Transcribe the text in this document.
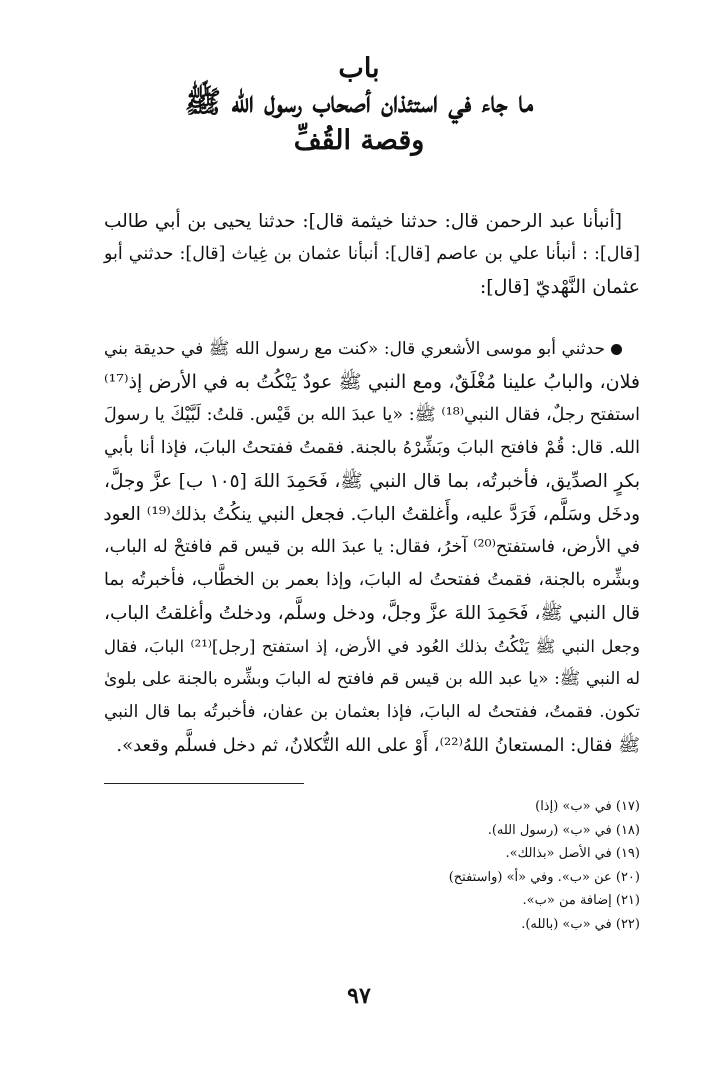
باب
ما جاء في استئذان أصحاب رسول الله ﷺ
وقصة القُفِّ
[أنبأنا عبد الرحمن قال: حدثنا خيثمة قال]: حدثنا يحيى بن أبي طالب
[قال]: : أنبأنا علي بن عاصم [قال]: أنبأنا عثمان بن غِياث [قال]: حدثني أبو
عثمان النَّهْديّ [قال]:
حدثني أبو موسى الأشعري قال: «كنت مع رسول الله ﷺ في حديقة بني
فلان، والبابُ علينا مُغْلَقٌ، ومع النبي ﷺ عودٌ يَنْكُتُ به في الأرض إذ⁽¹⁷⁾
استفتح رجلٌ، فقال النبي⁽¹⁸⁾ ﷺ: «يا عبدَ الله بن قَيْس. قلتُ: لَبَّيْكَ يا رسولَ
الله. قال: قُمْ فافتح البابَ وبَشِّرْهُ بالجنة. فقمتُ ففتحتُ البابَ، فإذا أنا بأبي
بكرٍ الصدِّيق، فأخبرتُه، بما قال النبي ﷺ، فَحَمِدَ اللهَ [١٠٥ ب] عزَّ وجلَّ،
ودخَل وسَلَّم، فَرَدَّ عليه، وأَغلقتُ البابَ. فجعل النبي ينكُتُ بذلك⁽¹⁹⁾ العود
في الأرض، فاستفتح⁽²⁰⁾ آخرُ، فقال: يا عبدَ الله بن قيس قم فافتحْ له الباب،
وبشِّره بالجنة، فقمتُ ففتحتُ له البابَ، وإذا بعمر بن الخطَّاب، فأخبرتُه بما
قال النبي ﷺ، فَحَمِدَ اللهَ عزَّ وجلَّ، ودخل وسلَّم، ودخلتُ وأغلقتُ الباب،
وجعل النبي ﷺ يَنْكُتُ بذلك العُود في الأرض، إذ استفتح [رجل]⁽²¹⁾ البابَ، فقال
له النبي ﷺ: «يا عبد الله بن قيس قم فافتح له البابَ وبشِّره بالجنة على بلوىٰ
تكون. فقمتُ، ففتحتُ له البابَ، فإذا بعثمان بن عفان، فأخبرتُه بما قال النبي
ﷺ فقال: المستعانُ اللهُ⁽²²⁾، أَوْ على الله التُّكلانُ، ثم دخل فسلَّم وقعد».
(١٧) في «ب» (إذا)
(١٨) في «ب» (رسول الله).
(١٩) في الأصل «بذالك».
(٢٠) عن «ب». وفي «أ» (واستفتح)
(٢١) إضافة من «ب».
(٢٢) في «ب» (بالله).
٩٧
